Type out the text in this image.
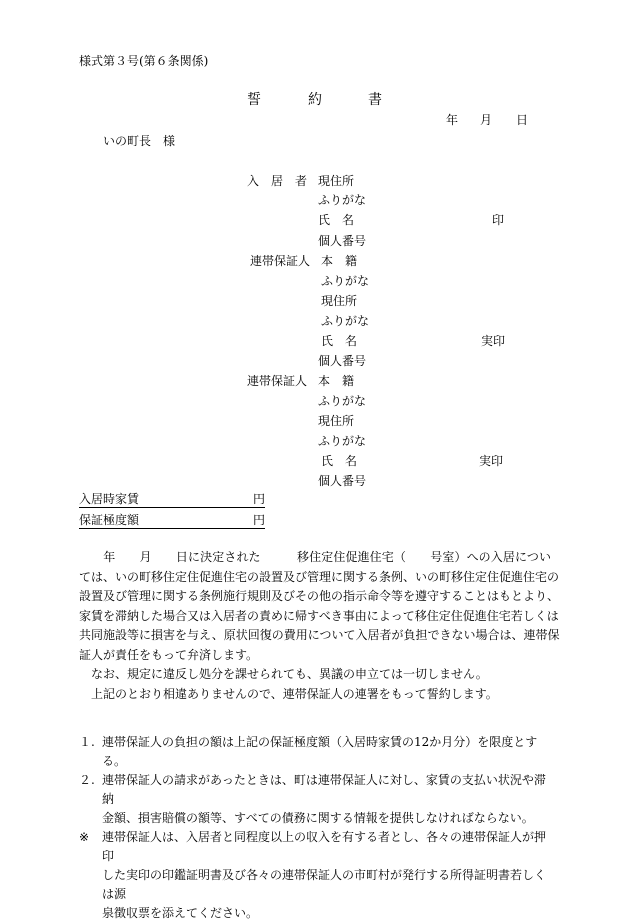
様式第３号(第６条関係)
誓	約	書
年 月 日
いの町長　様
入　居　者 現住所
ふりがな
氏　名	印
個人番号
連帯保証人 本　籍
ふりがな
現住所
ふりがな
氏　名	実印
個人番号
連帯保証人 本　籍
ふりがな
現住所
ふりがな
氏　名	実印
個人番号
入居時家賃	円
保証極度額	円
　　年　　月　　日に決定された　　　移住定住促進住宅（　　号室）への入居につい
ては、いの町移住定住促進住宅の設置及び管理に関する条例、いの町移住定住促進住宅の
設置及び管理に関する条例施行規則及びその他の指示命令等を遵守することはもとより、
家賃を滞納した場合又は入居者の責めに帰すべき事由によって移住定住促進住宅若しくは
共同施設等に損害を与え、原状回復の費用について入居者が負担できない場合は、連帯保
証人が責任をもって弁済します。
なお、規定に違反し処分を課せられても、異議の申立ては一切しません。
上記のとおり相違ありませんので、連帯保証人の連署をもって誓約します。
１. 連帯保証人の負担の額は上記の保証極度額（入居時家賃の12か月分）を限度とする。
２. 連帯保証人の請求があったときは、町は連帯保証人に対し、家賃の支払い状況や滞納
金額、損害賠償の額等、すべての債務に関する情報を提供しなければならない。
※ 連帯保証人は、入居者と同程度以上の収入を有する者とし、各々の連帯保証人が押印
した実印の印鑑証明書及び各々の連帯保証人の市町村が発行する所得証明書若しくは源
泉徴収票を添えてください。
